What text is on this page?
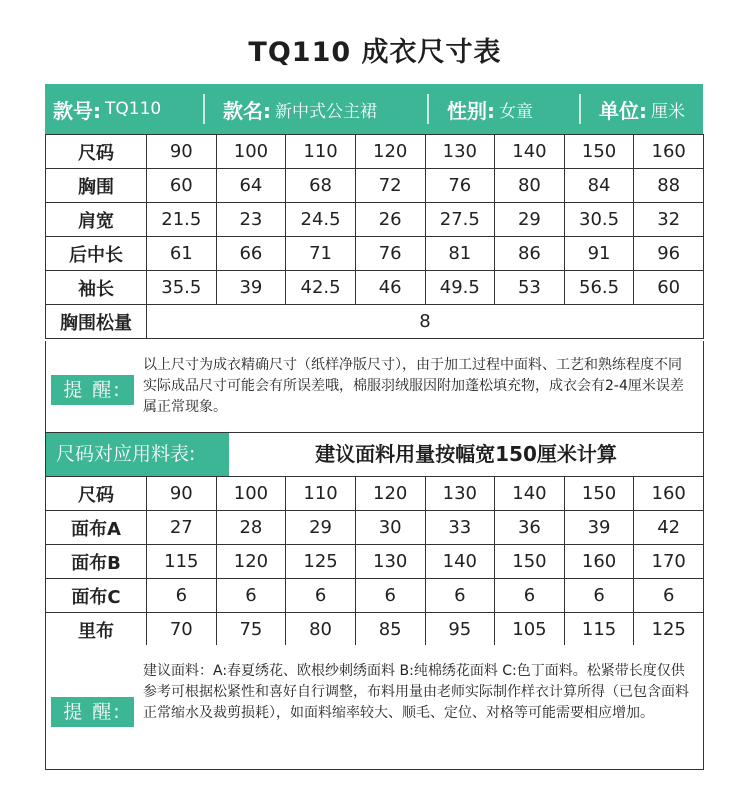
TQ110 成衣尺寸表
款号: TQ110	款名: 新中式公主裙	性别: 女童	单位: 厘米
尺码	90	100	110	120	130	140	150	160
胸围	60	64	68	72	76	80	84	88
肩宽	21.5	23	24.5	26	27.5	29	30.5	32
后中长	61	66	71	76	81	86	91	96
袖长	35.5	39	42.5	46	49.5	53	56.5	60
胸围松量	8							
提 醒:
以上尺寸为成衣精确尺寸（纸样净版尺寸），由于加工过程中面料、工艺和熟练程度不同实际成品尺寸可能会有所误差哦，棉服羽绒服因附加蓬松填充物，成衣会有2-4厘米误差属正常现象。
尺码对应用料表:	建议面料用量按幅宽150厘米计算
尺码	90	100	110	120	130	140	150	160
面布A	27	28	29	30	33	36	39	42
面布B	115	120	125	130	140	150	160	170
面布C	6	6	6	6	6	6	6	6
里布	70	75	80	85	95	105	115	125
提 醒:
建议面料：A:春夏绣花、欧根纱刺绣面料 B:纯棉绣花面料 C:色丁面料。松紧带长度仅供参考可根据松紧性和喜好自行调整，布料用量由老师实际制作样衣计算所得（已包含面料正常缩水及裁剪损耗），如面料缩率较大、顺毛、定位、对格等可能需要相应增加。
